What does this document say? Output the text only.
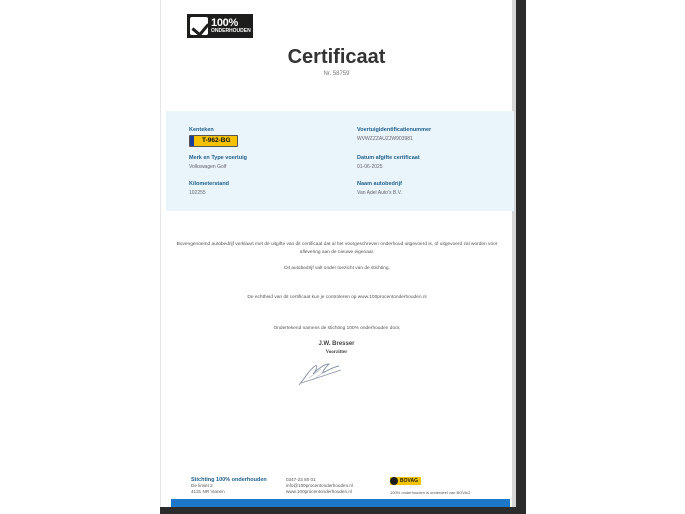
100%
ONDERHOUDEN
Certificaat
Nr. 58759
Kenteken
T-962-BG
Voertuigidentificatienummer
WVWZZZAUZJW903981
Merk en Type voertuig
Volkswagen Golf
Datum afgifte certificaat
01-06-2025
Kilometerstand
102255
Naam autobedrijf
Van Adel Auto's B.V.
Bovengenoemd autobedrijf verklaart met de uitgifte van dit certificaat dat al het voorgeschreven onderhoud uitgevoerd is, of uitgevoerd zal worden voor aflevering aan de nieuwe eigenaar.
Dit autobedrijf valt onder toezicht van de stichting.
De echtheid van dit certificaat kun je controleren op www.100procentonderhouden.nl
Ondertekend namens de stichting 100% onderhouden door,
J.W. Bresser
Voorzitter
Stichting 100% onderhouden
De limiet 2
4131 NR Vianen
0347-23 80 01
info@100procentonderhouden.nl
www.100procentonderhouden.nl
BOVAG
100% onderhouden is onderdeel van BOVAG
